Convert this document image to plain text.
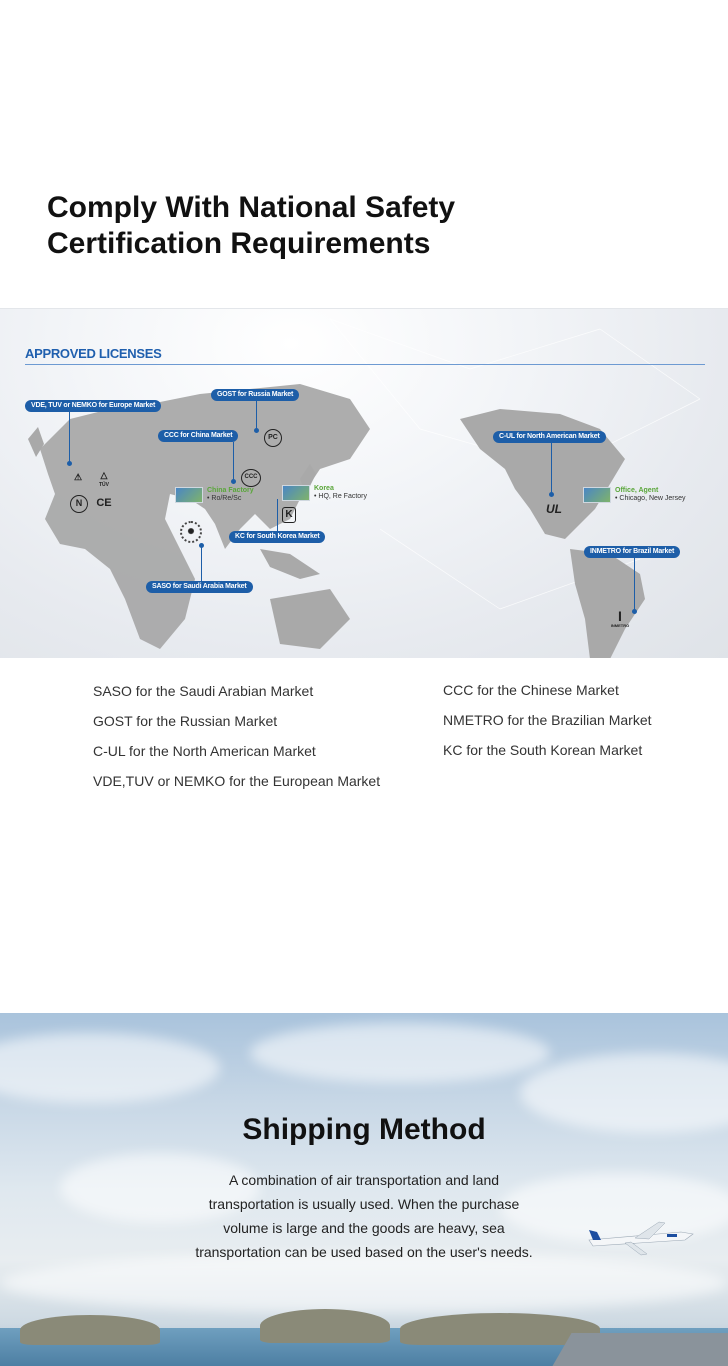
Comply With National Safety
Certification Requirements
APPROVED LICENSES
VDE, TUV or NEMKO for Europe Market
⚠	△
TÜV
N	CE
GOST for Russia Market
PC
CCC for China Market
CCC
China Factory
• Ro/Re/Sc
Korea
• HQ, Re Factory
K
KC for South Korea Market
✺
SASO for Saudi Arabia Market
C-UL for North American Market
UL
Office, Agent
• Chicago, New Jersey
INMETRO for Brazil Market
I
INMETRO
SASO for the Saudi Arabian Market
GOST for the Russian Market
C-UL for the North American Market
VDE,TUV or NEMKO for the European Market
CCC for the Chinese Market
NMETRO for the Brazilian Market
KC for the South Korean Market
Shipping Method

A combination of air transportation and land transportation is usually used. When the purchase volume is large and the goods are heavy, sea transportation can be used based on the user's needs.
